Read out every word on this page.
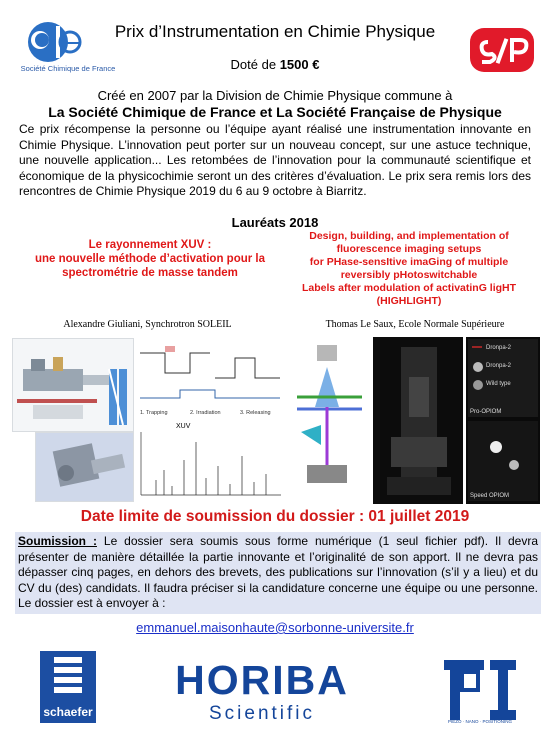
Société Chimique de France
Prix d’Instrumentation en Chimie Physique
Doté de 1500 €
Créé en 2007 par la Division de Chimie Physique commune à
La Société Chimique de France et La Société Française de Physique
Ce prix récompense la personne ou l’équipe ayant réalisé une instrumentation innovante en Chimie Physique. L’innovation peut porter sur un nouveau concept, sur une astuce technique, une nouvelle application... Les retombées de l’innovation pour la communauté scientifique et économique de la physicochimie seront un des critères d’évaluation. Le prix sera remis lors des rencontres de Chimie Physique 2019 du 6 au 9 octobre à Biarritz.
Lauréats 2018
Le rayonnement XUV :
une nouvelle méthode d’activation pour la
spectrométrie de masse tandem
Design, building, and implementation of
fluorescence imaging setups
for PHase-sensItive imaGing of multiple
reversibly pHotoswitchable
Labels after modulation of activatinG ligHT
(HIGHLIGHT)
Alexandre Giuliani, Synchrotron SOLEIL	Thomas Le Saux, Ecole Normale Supérieure
1. Trapping	2. Irradiation	3. Releasing
XUV
Dronpa-2
Dronpa-2
Wild type
Pro-OPIOM
Speed OPIOM
Date limite de soumission du dossier : 01 juillet 2019
Soumission : Le dossier sera soumis sous forme numérique (1 seul fichier pdf). Il devra présenter de manière détaillée la partie innovante et l’originalité de son apport. Il ne devra pas dépasser cinq pages, en dehors des brevets, des publications sur l’innovation (s’il y a lieu) et du CV du (des) candidats. Il faudra préciser si la candidature concerne une équipe ou une personne. Le dossier est à envoyer à :
emmanuel.maisonhaute@sorbonne-universite.fr
schaefer
HORIBA
Scientific	PIEZO · NANO · POSITIONING
